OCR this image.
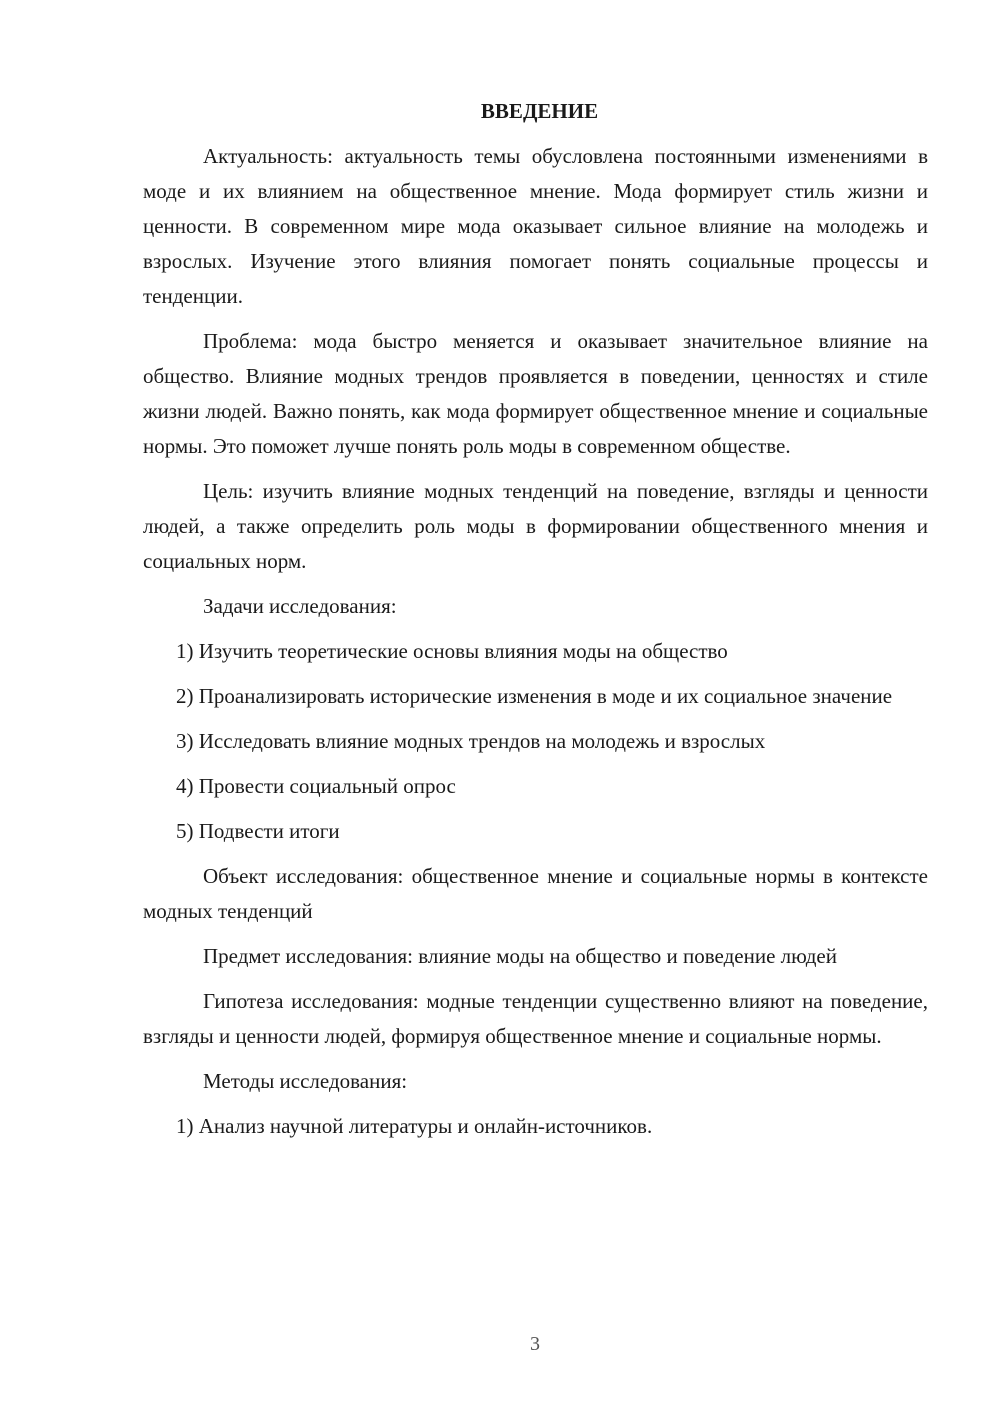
ВВЕДЕНИЕ

Актуальность: актуальность темы обусловлена постоянными изменениями в моде и их влиянием на общественное мнение. Мода формирует стиль жизни и ценности. В современном мире мода оказывает сильное влияние на молодежь и взрослых. Изучение этого влияния помогает понять социальные процессы и тенденции.

Проблема: мода быстро меняется и оказывает значительное влияние на общество. Влияние модных трендов проявляется в поведении, ценностях и стиле жизни людей. Важно понять, как мода формирует общественное мнение и социальные нормы. Это поможет лучше понять роль моды в современном обществе.

Цель: изучить влияние модных тенденций на поведение, взгляды и ценности людей, а также определить роль моды в формировании общественного мнения и социальных норм.

Задачи исследования:

1) Изучить теоретические основы влияния моды на общество

2) Проанализировать исторические изменения в моде и их социальное значение

3) Исследовать влияние модных трендов на молодежь и взрослых

4) Провести социальный опрос

5) Подвести итоги

Объект исследования: общественное мнение и социальные нормы в контексте модных тенденций

Предмет исследования: влияние моды на общество и поведение людей

Гипотеза исследования: модные тенденции существенно влияют на поведение, взгляды и ценности людей, формируя общественное мнение и социальные нормы.

Методы исследования:

1) Анализ научной литературы и онлайн-источников.

3
